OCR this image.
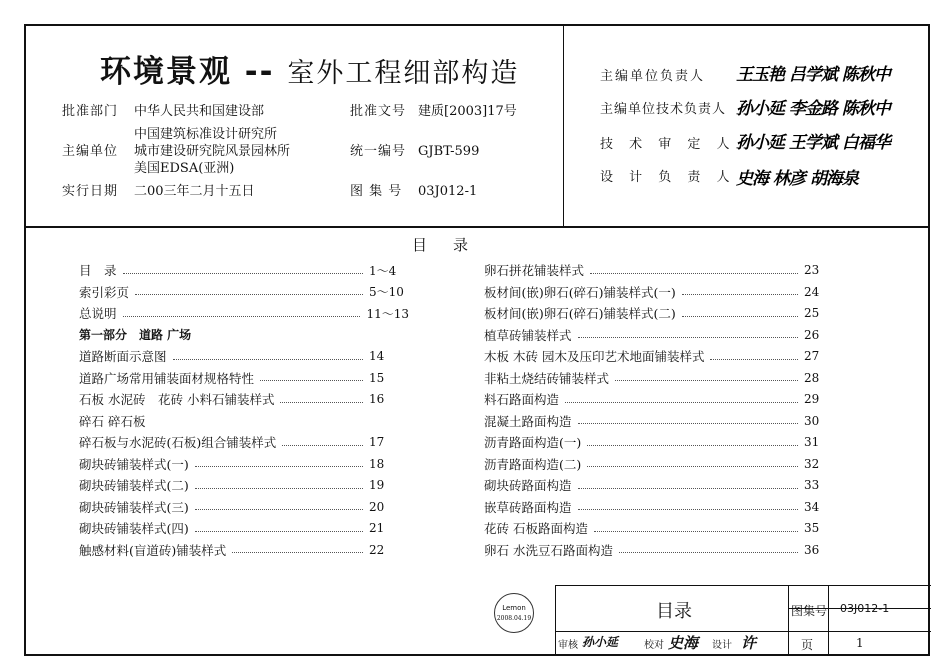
环境景观 -- 室外工程细部构造
批准部门 中华人民共和国建设部	批准文号 建质[2003]17号
主编单位
中国建筑标准设计研究所
城市建设研究院风景园林所
美国EDSA(亚洲)
统一编号 GJBT-599
实行日期 二00三年二月十五日	图 集 号 03J012-1
主编单位负责人 王玉艳 吕学斌 陈秋中
主编单位技术负责人 孙小延 李金路 陈秋中
技 术 审 定 人 孙小延 王学斌 白福华
设 计 负 责 人 史海 林彦 胡海泉
目录
目　录	1～4
索引彩页	5～10
总说明	11～13
第一部分　道路 广场
道路断面示意图	14
道路广场常用铺装面材规格特性	15
石板 水泥砖　花砖 小料石铺装样式	16
碎石 碎石板
碎石板与水泥砖(石板)组合铺装样式	17
砌块砖铺装样式(一)	18
砌块砖铺装样式(二)	19
砌块砖铺装样式(三)	20
砌块砖铺装样式(四)	21
触感材料(盲道砖)铺装样式	22
卵石拼花铺装样式	23
板材间(嵌)卵石(碎石)铺装样式(一)	24
板材间(嵌)卵石(碎石)铺装样式(二)	25
植草砖铺装样式	26
木板 木砖 园木及压印艺术地面铺装样式	27
非粘土烧结砖铺装样式	28
料石路面构造	29
混凝土路面构造	30
沥青路面构造(一)	31
沥青路面构造(二)	32
砌块砖路面构造	33
嵌草砖路面构造	34
花砖 石板路面构造	35
卵石 水洗豆石路面构造	36
Lemon
2008.04.19	目录	图集号 03J012-1
审核 孙小延	校对 史海 设计 许	页	1
